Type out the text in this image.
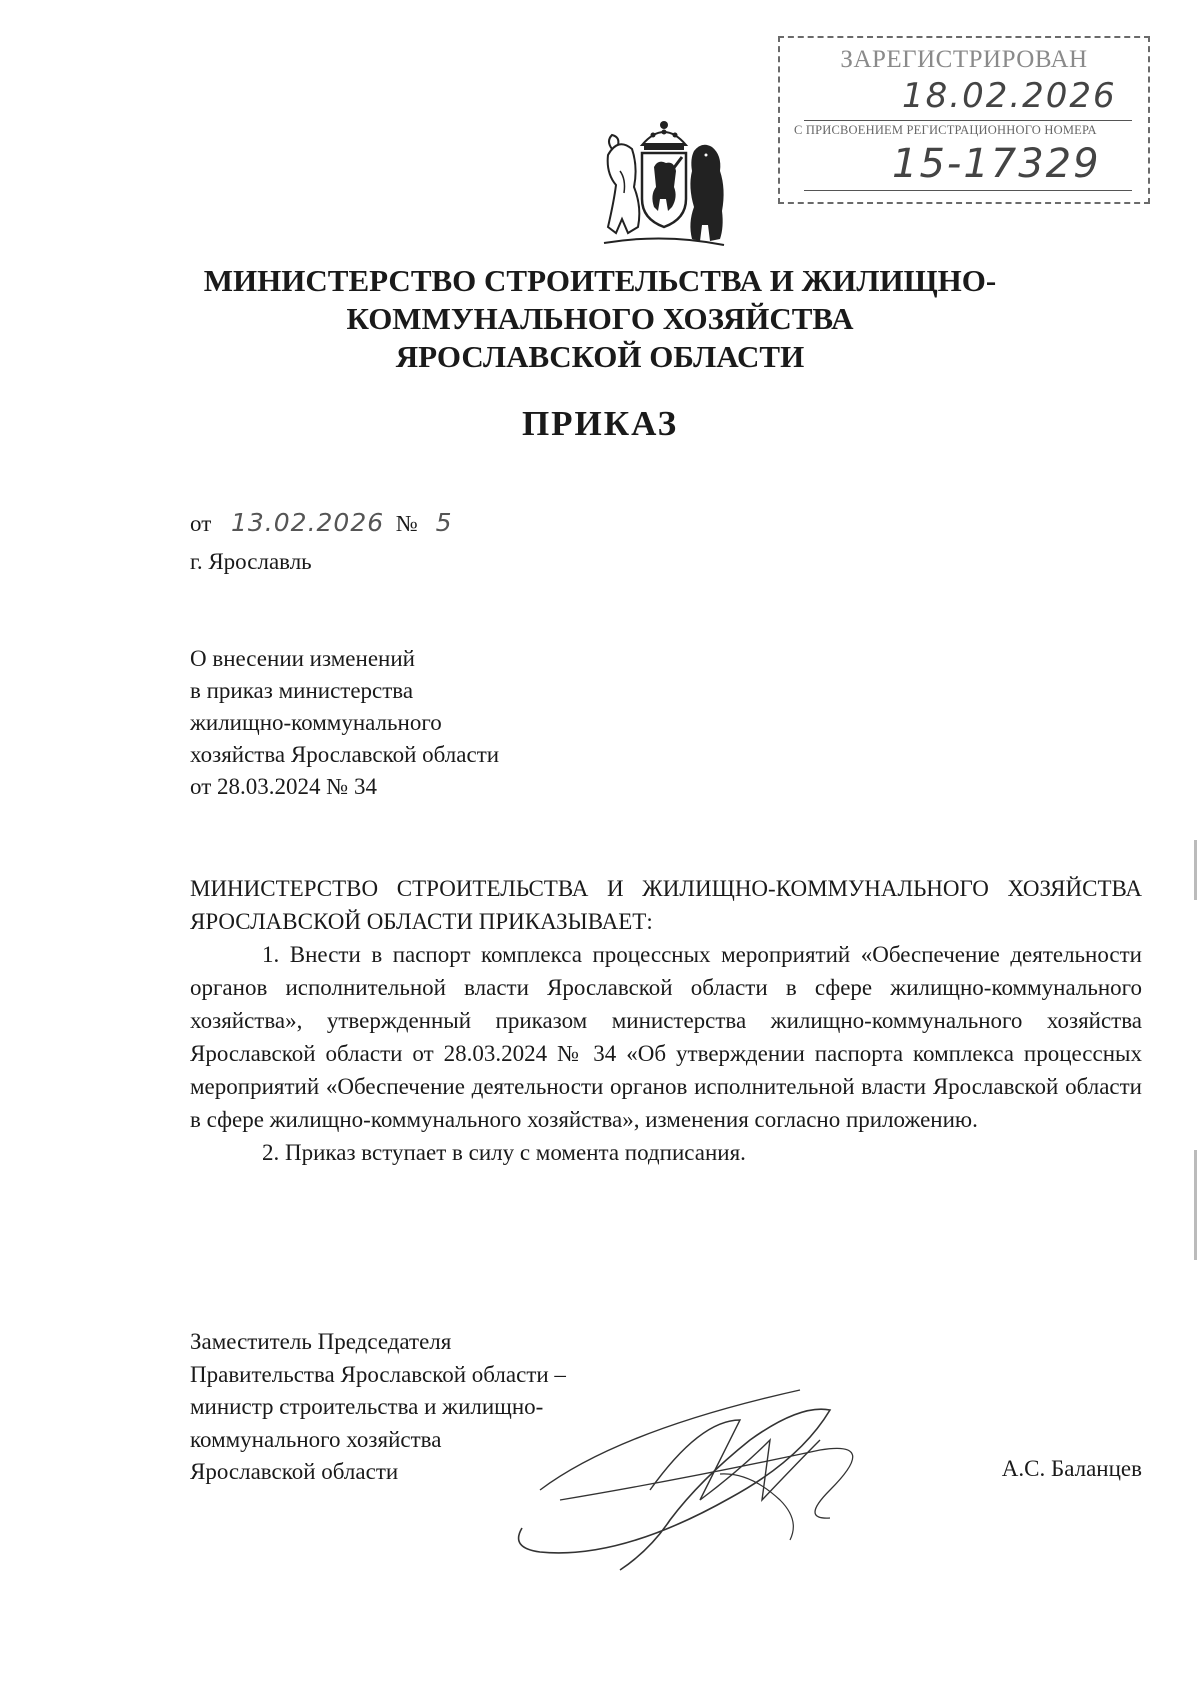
ЗАРЕГИСТРИРОВАН
18.02.2026
С ПРИСВОЕНИЕМ РЕГИСТРАЦИОННОГО НОМЕРА
15-17329
МИНИСТЕРСТВО СТРОИТЕЛЬСТВА И ЖИЛИЩНО-
КОММУНАЛЬНОГО ХОЗЯЙСТВА
ЯРОСЛАВСКОЙ ОБЛАСТИ
ПРИКАЗ
от 13.02.2026 № 5
г. Ярославль
О внесении изменений
в приказ министерства
жилищно-коммунального
хозяйства Ярославской области
от 28.03.2024 № 34

МИНИСТЕРСТВО СТРОИТЕЛЬСТВА И ЖИЛИЩНО-КОММУНАЛЬНОГО ХОЗЯЙСТВА ЯРОСЛАВСКОЙ ОБЛАСТИ ПРИКАЗЫВАЕТ:

1. Внести в паспорт комплекса процессных мероприятий «Обеспечение деятельности органов исполнительной власти Ярославской области в сфере жилищно-коммунального хозяйства», утвержденный приказом министерства жилищно-коммунального хозяйства Ярославской области от 28.03.2024 № 34 «Об утверждении паспорта комплекса процессных мероприятий «Обеспечение деятельности органов исполнительной власти Ярославской области в сфере жилищно-коммунального хозяйства», изменения согласно приложению.

2. Приказ вступает в силу с момента подписания.

Заместитель Председателя
Правительства Ярославской области –
министр строительства и жилищно-
коммунального хозяйства
Ярославской области	А.С. Баланцев
